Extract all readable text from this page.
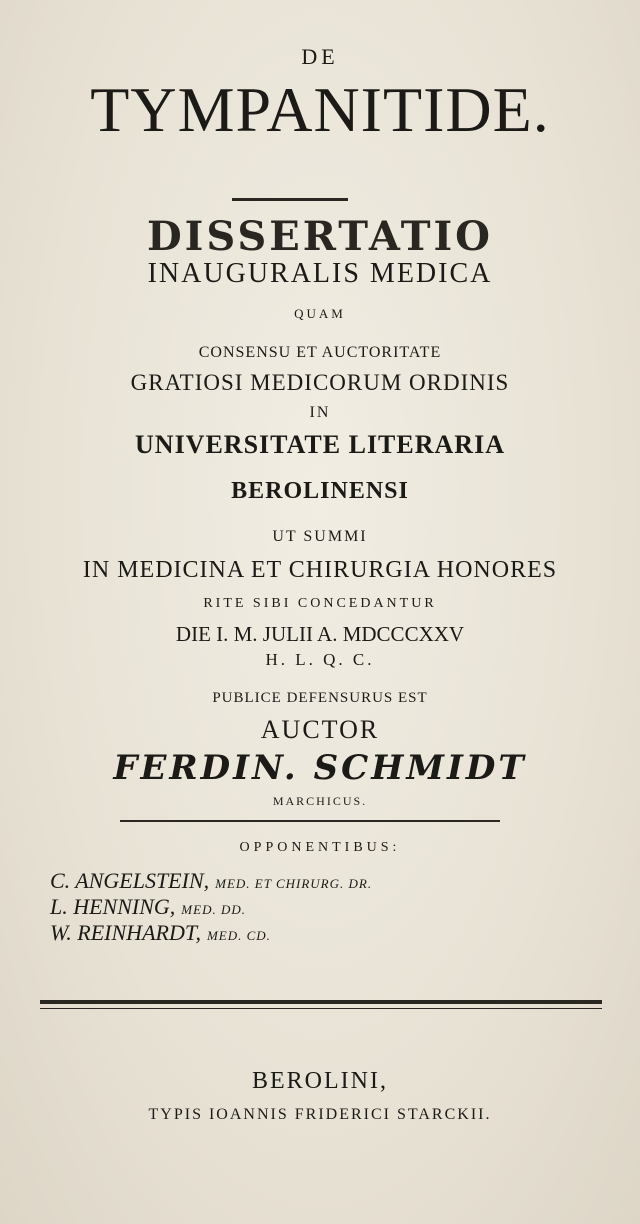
DE
TYMPANITIDE.
DISSERTATIO
INAUGURALIS MEDICA
QUAM
CONSENSU ET AUCTORITATE
GRATIOSI MEDICORUM ORDINIS
IN
UNIVERSITATE LITERARIA
BEROLINENSI
UT SUMMI
IN MEDICINA ET CHIRURGIA HONORES
RITE SIBI CONCEDANTUR
DIE I. M. JULII A. MDCCCXXV
H. L. Q. C.
PUBLICE DEFENSURUS EST
AUCTOR
FERDIN. SCHMIDT
MARCHICUS.
OPPONENTIBUS:
C. ANGELSTEIN, MED. ET CHIRURG. DR.
L. HENNING, MED. DD.
W. REINHARDT, MED. CD.
BEROLINI,
TYPIS IOANNIS FRIDERICI STARCKII.
